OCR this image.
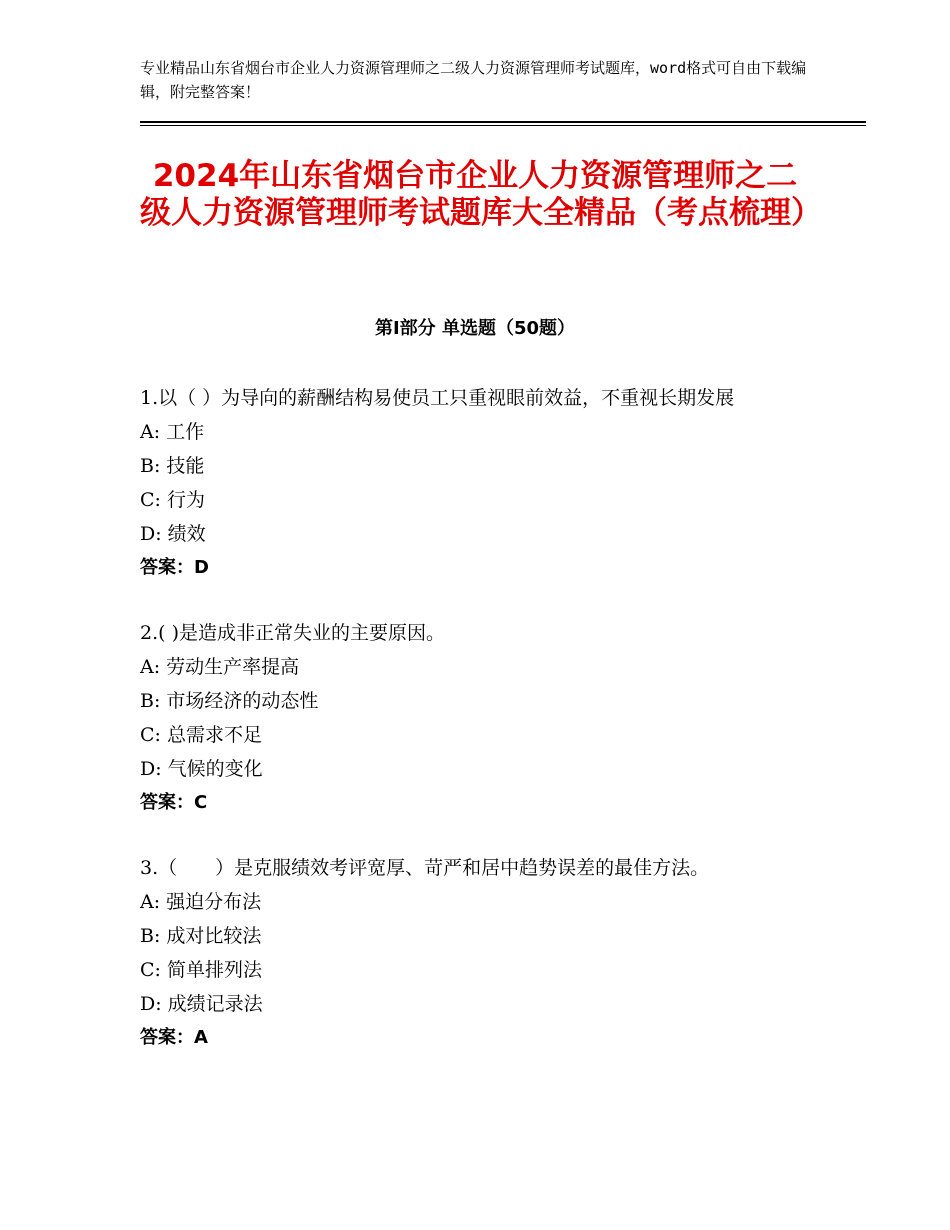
专业精品山东省烟台市企业人力资源管理师之二级人力资源管理师考试题库，word格式可自由下载编辑，附完整答案！
2024年山东省烟台市企业人力资源管理师之二级人力资源管理师考试题库大全精品（考点梳理）
第Ⅰ部分 单选题（50题）

1.以（ ）为导向的薪酬结构易使员工只重视眼前效益，不重视长期发展

A: 工作

B: 技能

C: 行为

D: 绩效

答案：D

2.( )是造成非正常失业的主要原因。

A: 劳动生产率提高

B: 市场经济的动态性

C: 总需求不足

D: 气候的变化

答案：C

3.（　　）是克服绩效考评宽厚、苛严和居中趋势误差的最佳方法。

A: 强迫分布法

B: 成对比较法

C: 简单排列法

D: 成绩记录法

答案：A
